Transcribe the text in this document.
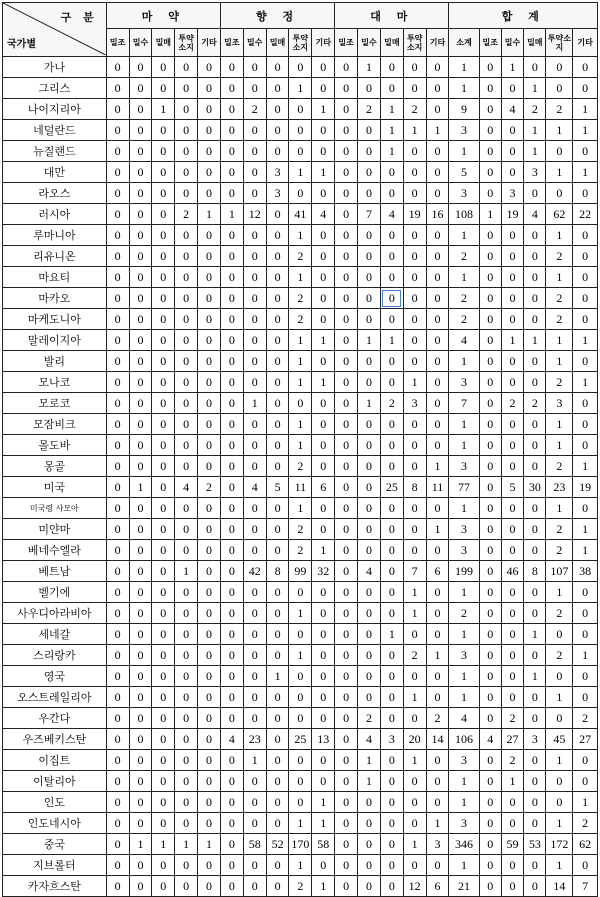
구 분
국가별	마 약					향 정					대 마					합 계					
	밀조	밀수	밀매	투약소지	기타	밀조	밀수	밀매	투약소지	기타	밀조	밀수	밀매	투약소지	기타	소계	밀조	밀수	밀매	투약소지	기타
가나	0	0	0	0	0	0	0	0	0	0	0	1	0	0	0	1	0	1	0	0	0
그리스	0	0	0	0	0	0	0	0	1	0	0	0	0	0	0	1	0	0	1	0	0
나이지리아	0	0	1	0	0	0	2	0	0	1	0	2	1	2	0	9	0	4	2	2	1
네덜란드	0	0	0	0	0	0	0	0	0	0	0	0	1	1	1	3	0	0	1	1	1
뉴질랜드	0	0	0	0	0	0	0	0	0	0	0	0	1	0	0	1	0	0	1	0	0
대만	0	0	0	0	0	0	0	3	1	1	0	0	0	0	0	5	0	0	3	1	1
라오스	0	0	0	0	0	0	0	3	0	0	0	0	0	0	0	3	0	3	0	0	0
러시아	0	0	0	2	1	1	12	0	41	4	0	7	4	19	16	108	1	19	4	62	22
루마니아	0	0	0	0	0	0	0	0	1	0	0	0	0	0	0	1	0	0	0	1	0
리유니온	0	0	0	0	0	0	0	0	2	0	0	0	0	0	0	2	0	0	0	2	0
마요티	0	0	0	0	0	0	0	0	1	0	0	0	0	0	0	1	0	0	0	1	0
마카오	0	0	0	0	0	0	0	0	2	0	0	0	0	0	0	2	0	0	0	2	0
마케도니아	0	0	0	0	0	0	0	0	2	0	0	0	0	0	0	2	0	0	0	2	0
말레이지아	0	0	0	0	0	0	0	0	1	1	0	1	1	0	0	4	0	1	1	1	1
발리	0	0	0	0	0	0	0	0	1	0	0	0	0	0	0	1	0	0	0	1	0
모나코	0	0	0	0	0	0	0	0	1	1	0	0	0	1	0	3	0	0	0	2	1
모로코	0	0	0	0	0	0	1	0	0	0	0	1	2	3	0	7	0	2	2	3	0
모잠비크	0	0	0	0	0	0	0	0	1	0	0	0	0	0	0	1	0	0	0	1	0
몰도바	0	0	0	0	0	0	0	0	1	0	0	0	0	0	0	1	0	0	0	1	0
몽골	0	0	0	0	0	0	0	0	2	0	0	0	0	0	1	3	0	0	0	2	1
미국	0	1	0	4	2	0	4	5	11	6	0	0	25	8	11	77	0	5	30	23	19
미국령 사모아	0	0	0	0	0	0	0	0	1	0	0	0	0	0	0	1	0	0	0	1	0
미얀마	0	0	0	0	0	0	0	0	2	0	0	0	0	0	1	3	0	0	0	2	1
베네수엘라	0	0	0	0	0	0	0	0	2	1	0	0	0	0	0	3	0	0	0	2	1
베트남	0	0	0	1	0	0	42	8	99	32	0	4	0	7	6	199	0	46	8	107	38
벨기에	0	0	0	0	0	0	0	0	0	0	0	0	0	1	0	1	0	0	0	1	0
사우디아라비아	0	0	0	0	0	0	0	0	1	0	0	0	0	1	0	2	0	0	0	2	0
세네갈	0	0	0	0	0	0	0	0	0	0	0	0	1	0	0	1	0	0	1	0	0
스리랑카	0	0	0	0	0	0	0	0	1	0	0	0	0	2	1	3	0	0	0	2	1
영국	0	0	0	0	0	0	0	1	0	0	0	0	0	0	0	1	0	0	1	0	0
오스트레일리아	0	0	0	0	0	0	0	0	0	0	0	0	0	1	0	1	0	0	0	1	0
우간다	0	0	0	0	0	0	0	0	0	0	0	2	0	0	2	4	0	2	0	0	2
우즈베키스탄	0	0	0	0	0	4	23	0	25	13	0	4	3	20	14	106	4	27	3	45	27
이집트	0	0	0	0	0	0	1	0	0	0	0	1	0	1	0	3	0	2	0	1	0
이탈리아	0	0	0	0	0	0	0	0	0	0	0	1	0	0	0	1	0	1	0	0	0
인도	0	0	0	0	0	0	0	0	0	1	0	0	0	0	0	1	0	0	0	0	1
인도네시아	0	0	0	0	0	0	0	0	1	1	0	0	0	0	1	3	0	0	0	1	2
중국	0	1	1	1	1	0	58	52	170	58	0	0	0	1	3	346	0	59	53	172	62
지브롤터	0	0	0	0	0	0	0	0	1	0	0	0	0	0	0	1	0	0	0	1	0
카자흐스탄	0	0	0	0	0	0	0	0	2	1	0	0	0	12	6	21	0	0	0	14	7
